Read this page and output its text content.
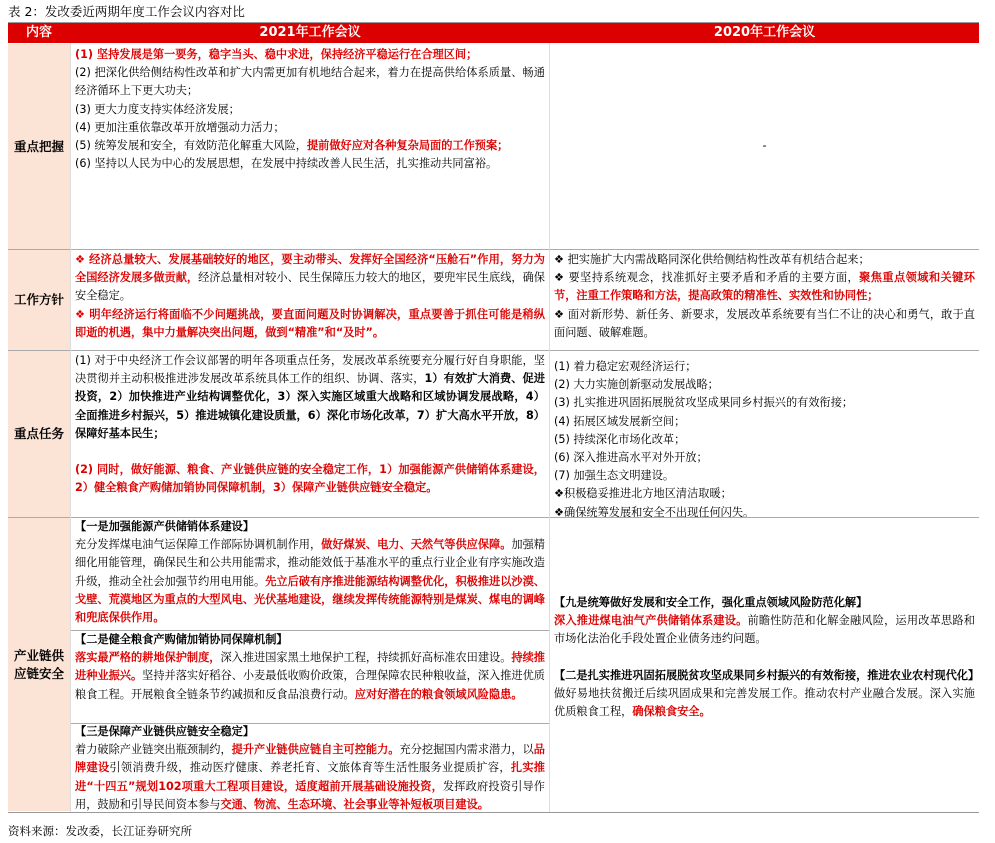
表 2：发改委近两期年度工作会议内容对比
内容	2021年工作会议	2020年工作会议
重点把握

(1) 坚持发展是第一要务，稳字当头、稳中求进，保持经济平稳运行在合理区间；

(2) 把深化供给侧结构性改革和扩大内需更加有机地结合起来，着力在提高供给体系质量、畅通经济循环上下更大功夫；

(3) 更大力度支持实体经济发展；

(4) 更加注重依靠改革开放增强动力活力；

(5) 统筹发展和安全，有效防范化解重大风险，提前做好应对各种复杂局面的工作预案；

(6) 坚持以人民为中心的发展思想，在发展中持续改善人民生活，扎实推动共同富裕。

-
工作方针

❖ 经济总量较大、发展基础较好的地区，要主动带头、发挥好全国经济“压舱石”作用，努力为全国经济发展多做贡献，经济总量相对较小、民生保障压力较大的地区，要兜牢民生底线，确保安全稳定。

❖ 明年经济运行将面临不少问题挑战，要直面问题及时协调解决，重点要善于抓住可能是稍纵即逝的机遇，集中力量解决突出问题，做到“精准”和“及时”。

❖ 把实施扩大内需战略同深化供给侧结构性改革有机结合起来；

❖ 要坚持系统观念，找准抓好主要矛盾和矛盾的主要方面，聚焦重点领域和关键环节，注重工作策略和方法，提高政策的精准性、实效性和协同性；

❖ 面对新形势、新任务、新要求，发展改革系统要有当仁不让的决心和勇气，敢于直面问题、破解难题。

重点任务

(1) 对于中央经济工作会议部署的明年各项重点任务，发展改革系统要充分履行好自身职能，坚决贯彻并主动积极推进涉发展改革系统具体工作的组织、协调、落实，1）有效扩大消费、促进投资，2）加快推进产业结构调整优化，3）深入实施区域重大战略和区域协调发展战略，4）全面推进乡村振兴，5）推进城镇化建设质量，6）深化市场化改革，7）扩大高水平开放，8）保障好基本民生；

(2) 同时，做好能源、粮食、产业链供应链的安全稳定工作，1）加强能源产供储销体系建设，2）健全粮食产购储加销协同保障机制，3）保障产业链供应链安全稳定。

(1) 着力稳定宏观经济运行；

(2) 大力实施创新驱动发展战略；

(3) 扎实推进巩固拓展脱贫攻坚成果同乡村振兴的有效衔接；

(4) 拓展区域发展新空间；

(5) 持续深化市场化改革；

(6) 深入推进高水平对外开放；

(7) 加强生态文明建设。

❖积极稳妥推进北方地区清洁取暖；

❖确保统筹发展和安全不出现任何闪失。

产业链供应链安全

【一是加强能源产供储销体系建设】

充分发挥煤电油气运保障工作部际协调机制作用，做好煤炭、电力、天然气等供应保障。加强精细化用能管理，确保民生和公共用能需求，推动能效低于基准水平的重点行业企业有序实施改造升级，推动全社会加强节约用电用能。先立后破有序推进能源结构调整优化，积极推进以沙漠、戈壁、荒漠地区为重点的大型风电、光伏基地建设，继续发挥传统能源特别是煤炭、煤电的调峰和兜底保供作用。

【二是健全粮食产购储加销协同保障机制】

落实最严格的耕地保护制度，深入推进国家黑土地保护工程，持续抓好高标准农田建设。持续推进种业振兴。坚持并落实好稻谷、小麦最低收购价政策，合理保障农民种粮收益，深入推进优质粮食工程。开展粮食全链条节约减损和反食品浪费行动。应对好潜在的粮食领域风险隐患。

【三是保障产业链供应链安全稳定】

着力破除产业链突出瓶颈制约，提升产业链供应链自主可控能力。充分挖掘国内需求潜力，以品牌建设引领消费升级，推动医疗健康、养老托育、文旅体育等生活性服务业提质扩容，扎实推进“十四五”规划102项重大工程项目建设，适度超前开展基础设施投资，发挥政府投资引导作用，鼓励和引导民间资本参与交通、物流、生态环境、社会事业等补短板项目建设。

【九是统筹做好发展和安全工作，强化重点领域风险防范化解】

深入推进煤电油气产供储销体系建设。前瞻性防范和化解金融风险，运用改革思路和市场化法治化手段处置企业债务违约问题。

【二是扎实推进巩固拓展脱贫攻坚成果同乡村振兴的有效衔接，推进农业农村现代化】

做好易地扶贫搬迁后续巩固成果和完善发展工作。推动农村产业融合发展。深入实施优质粮食工程，确保粮食安全。

资料来源：发改委，长江证券研究所
